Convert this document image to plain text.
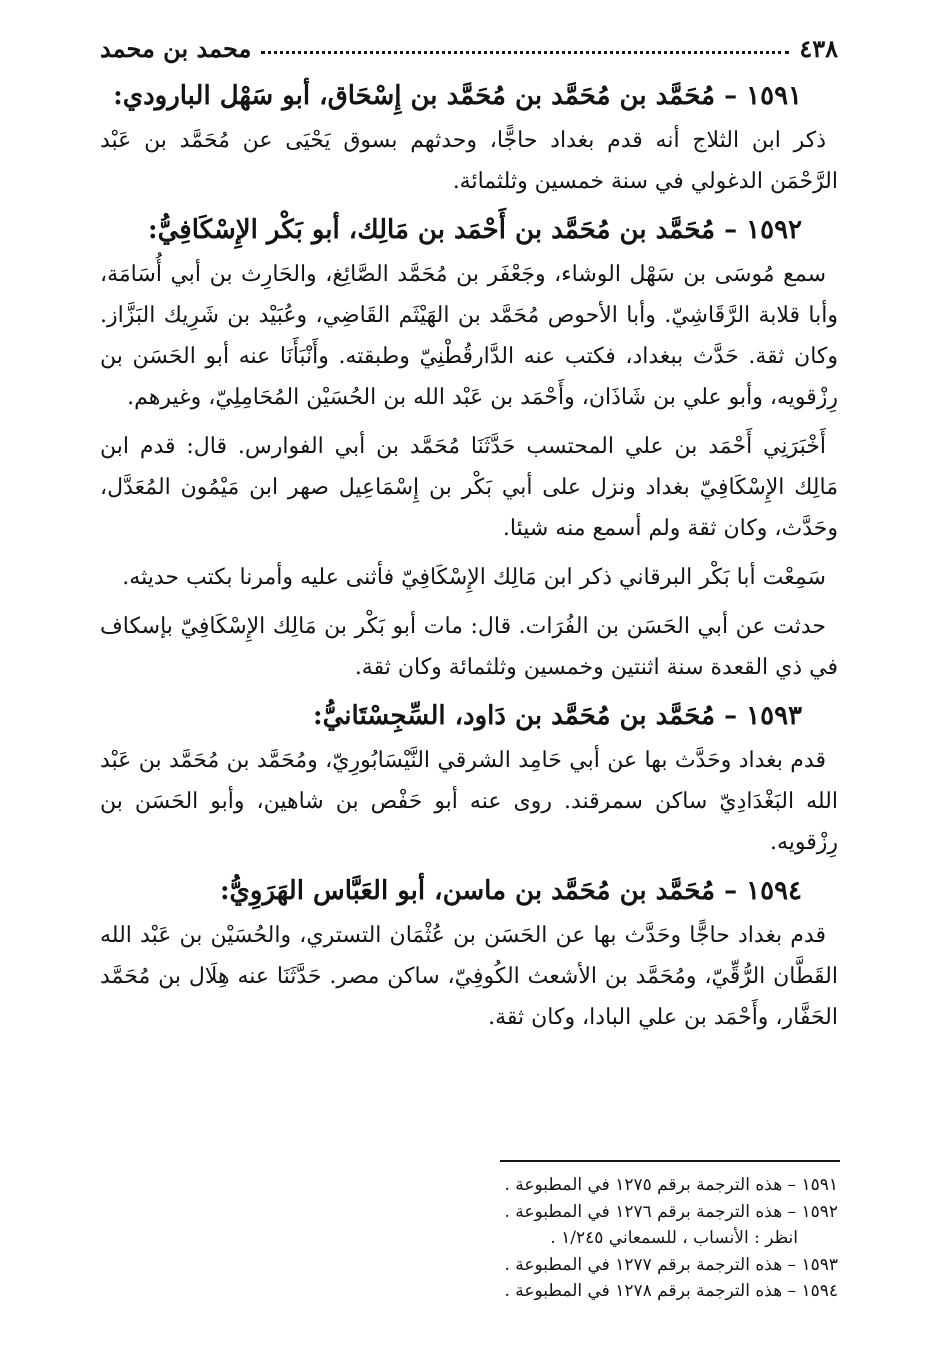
٤٣٨
محمد بن محمد
١٥٩١ – مُحَمَّد بن مُحَمَّد بن مُحَمَّد بن إِسْحَاق، أبو سَهْل البارودي:

ذكر ابن الثلاج أنه قدم بغداد حاجًّا، وحدثهم بسوق يَحْيَى عن مُحَمَّد بن عَبْد الرَّحْمَن الدغولي في سنة خمسين وثلثمائة.

١٥٩٢ – مُحَمَّد بن مُحَمَّد بن أَحْمَد بن مَالِك، أبو بَكْر الإِسْكَافِيُّ:

سمع مُوسَى بن سَهْل الوشاء، وجَعْفَر بن مُحَمَّد الصَّائِغ، والحَارِث بن أبي أُسَامَة، وأبا قلابة الرَّقَاشِيّ. وأبا الأحوص مُحَمَّد بن الهَيْثَم القَاضِي، وعُبَيْد بن شَرِيك البَزَّاز. وكان ثقة. حَدَّث ببغداد، فكتب عنه الدَّارقُطْنِيّ وطبقته. وأَنْبَأَنَا عنه أبو الحَسَن بن رِزْقويه، وأبو علي بن شَاذَان، وأَحْمَد بن عَبْد الله بن الحُسَيْن المُحَامِلِيّ، وغيرهم.

أَخْبَرَنِي أَحْمَد بن علي المحتسب حَدَّثَنَا مُحَمَّد بن أبي الفوارس. قال: قدم ابن مَالِك الإِسْكَافِيّ بغداد ونزل على أبي بَكْر بن إِسْمَاعِيل صهر ابن مَيْمُون المُعَدَّل، وحَدَّث، وكان ثقة ولم أسمع منه شيئا.

سَمِعْت أبا بَكْر البرقاني ذكر ابن مَالِك الإِسْكَافِيّ فأثنى عليه وأمرنا بكتب حديثه.

حدثت عن أبي الحَسَن بن الفُرَات. قال: مات أبو بَكْر بن مَالِك الإِسْكَافِيّ بإسكاف في ذي القعدة سنة اثنتين وخمسين وثلثمائة وكان ثقة.

١٥٩٣ – مُحَمَّد بن مُحَمَّد بن دَاود، السِّجِسْتَانيُّ:

قدم بغداد وحَدَّث بها عن أبي حَامِد الشرقي النَّيْسَابُورِيّ، ومُحَمَّد بن مُحَمَّد بن عَبْد الله البَغْدَادِيّ ساكن سمرقند. روى عنه أبو حَفْص بن شاهين، وأبو الحَسَن بن رِزْقويه.

١٥٩٤ – مُحَمَّد بن مُحَمَّد بن ماسن، أبو العَبَّاس الهَرَوِيُّ:

قدم بغداد حاجًّا وحَدَّث بها عن الحَسَن بن عُثْمَان التستري، والحُسَيْن بن عَبْد الله القَطَّان الرُّقِّيّ، ومُحَمَّد بن الأشعث الكُوفِيّ، ساكن مصر. حَدَّثَنَا عنه هِلَال بن مُحَمَّد الحَفَّار، وأَحْمَد بن علي البادا، وكان ثقة.

١٥٩١ – هذه الترجمة برقم ١٢٧٥ في المطبوعة .
١٥٩٢ – هذه الترجمة برقم ١٢٧٦ في المطبوعة .
انظر : الأنساب ، للسمعاني ١/٢٤٥ .
١٥٩٣ – هذه الترجمة برقم ١٢٧٧ في المطبوعة .
١٥٩٤ – هذه الترجمة برقم ١٢٧٨ في المطبوعة .
